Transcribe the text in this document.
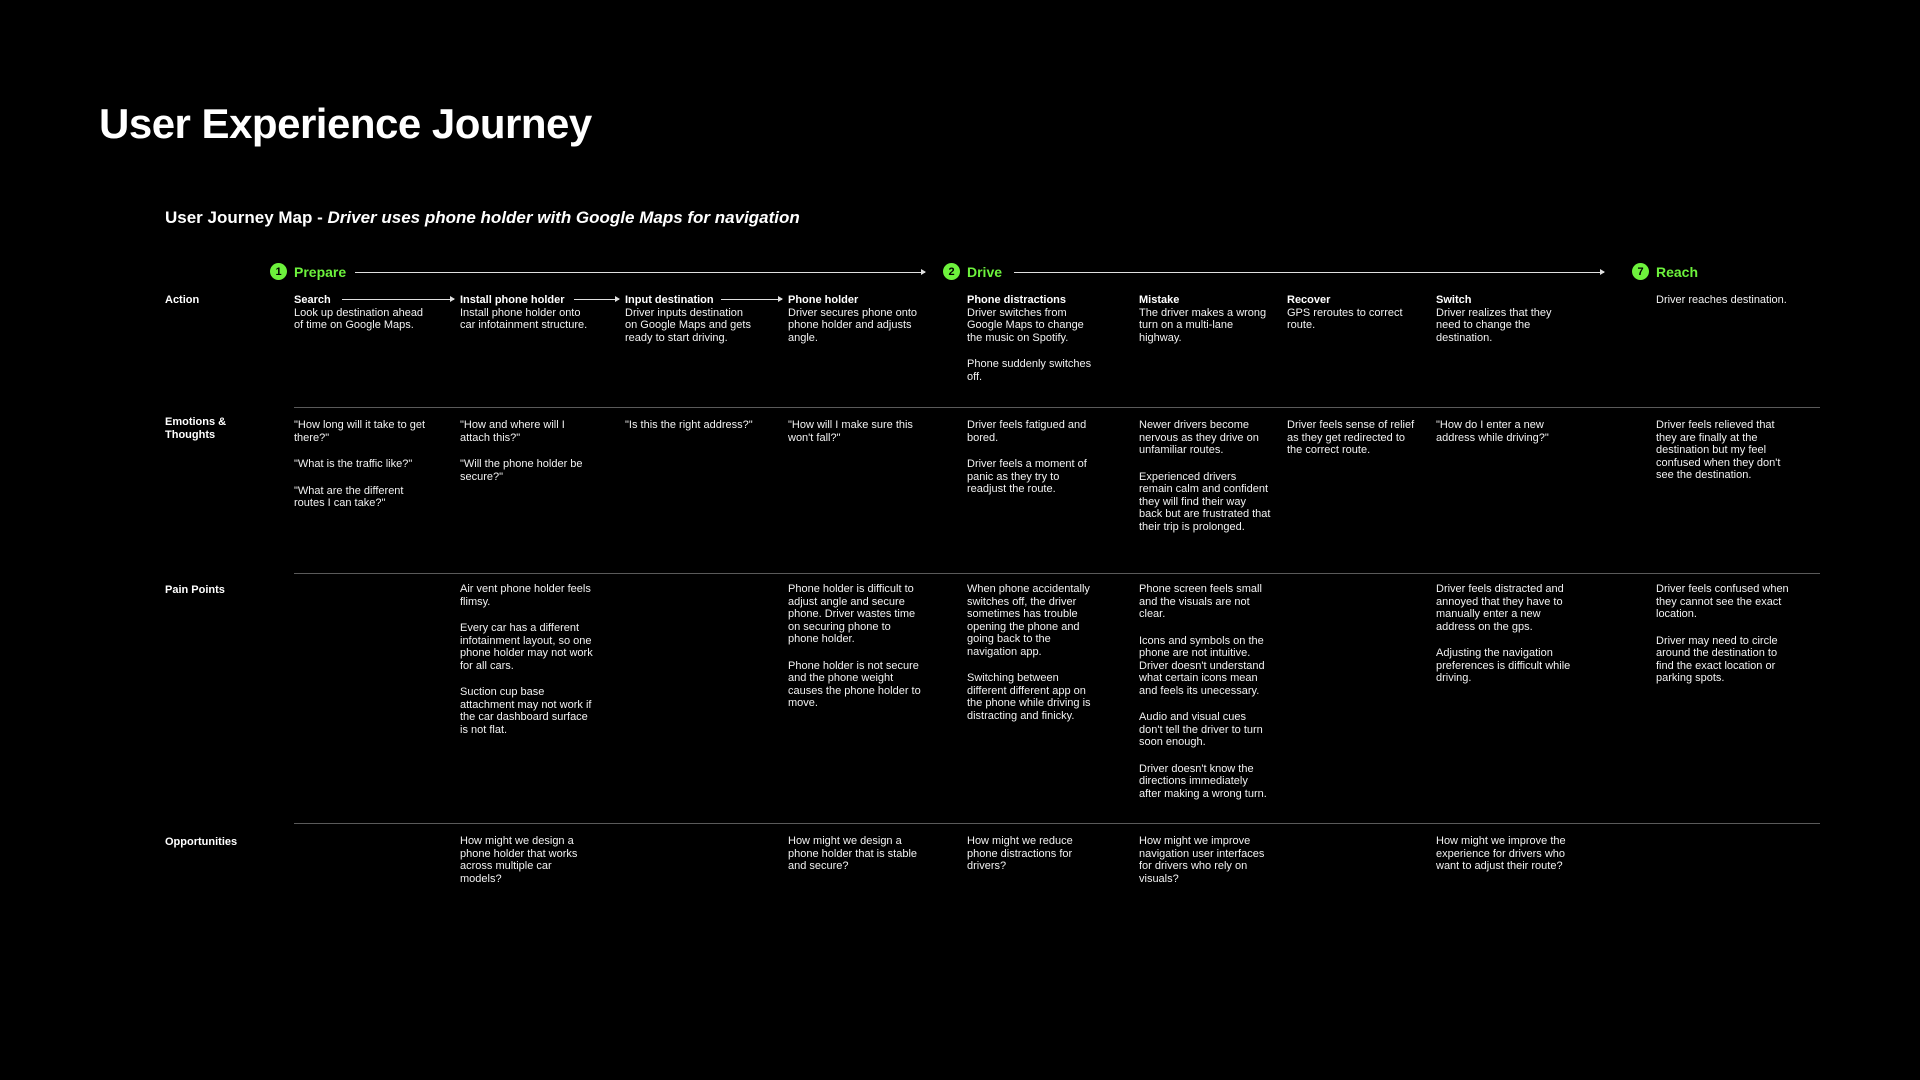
User Experience Journey
User Journey Map - Driver uses phone holder with Google Maps for navigation
1 Prepare	2 Drive	7 Reach
Action
Emotions & Thoughts
Pain Points
Opportunities
Search

Look up destination ahead of time on Google Maps.

"How long will it take to get there?"

"What is the traffic like?"

"What are the different routes I can take?"

Install phone holder

Install phone holder onto car infotainment structure.

"How and where will I attach this?"

"Will the phone holder be secure?"

Air vent phone holder feels flimsy.

Every car has a different infotainment layout, so one phone holder may not work for all cars.

Suction cup base attachment may not work if the car dashboard surface is not flat.

How might we design a phone holder that works across multiple car models?
Input destination

Driver inputs destination on Google Maps and gets ready to start driving.

"Is this the right address?"

Phone holder

Driver secures phone onto phone holder and adjusts angle.

"How will I make sure this won't fall?"

Phone holder is difficult to adjust angle and secure phone. Driver wastes time on securing phone to phone holder.

Phone holder is not secure and the phone weight causes the phone holder to move.

How might we design a phone holder that is stable and secure?
Phone distractions

Driver switches from Google Maps to change the music on Spotify.

Phone suddenly switches off.

Driver feels fatigued and bored.

Driver feels a moment of panic as they try to readjust the route.

When phone accidentally switches off, the driver sometimes has trouble opening the phone and going back to the navigation app.

Switching between different different app on the phone while driving is distracting and finicky.

How might we reduce phone distractions for drivers?
Mistake

The driver makes a wrong turn on a multi-lane highway.

Newer drivers become nervous as they drive on unfamiliar routes.

Experienced drivers remain calm and confident they will find their way back but are frustrated that their trip is prolonged.

Phone screen feels small and the visuals are not clear.

Icons and symbols on the phone are not intuitive. Driver doesn't understand what certain icons mean and feels its unecessary.

Audio and visual cues don't tell the driver to turn soon enough.

Driver doesn't know the directions immediately after making a wrong turn.

How might we improve navigation user interfaces for drivers who rely on visuals?
Recover

GPS reroutes to correct route.

Driver feels sense of relief as they get redirected to the correct route.

Switch

Driver realizes that they need to change the destination.

"How do I enter a new address while driving?"

Driver feels distracted and annoyed that they have to manually enter a new address on the gps.

Adjusting the navigation preferences is difficult while driving.

How might we improve the experience for drivers who want to adjust their route?

Driver reaches destination.

Driver feels relieved that they are finally at the destination but my feel confused when they don't see the destination.

Driver feels confused when they cannot see the exact location.

Driver may need to circle around the destination to find the exact location or parking spots.
